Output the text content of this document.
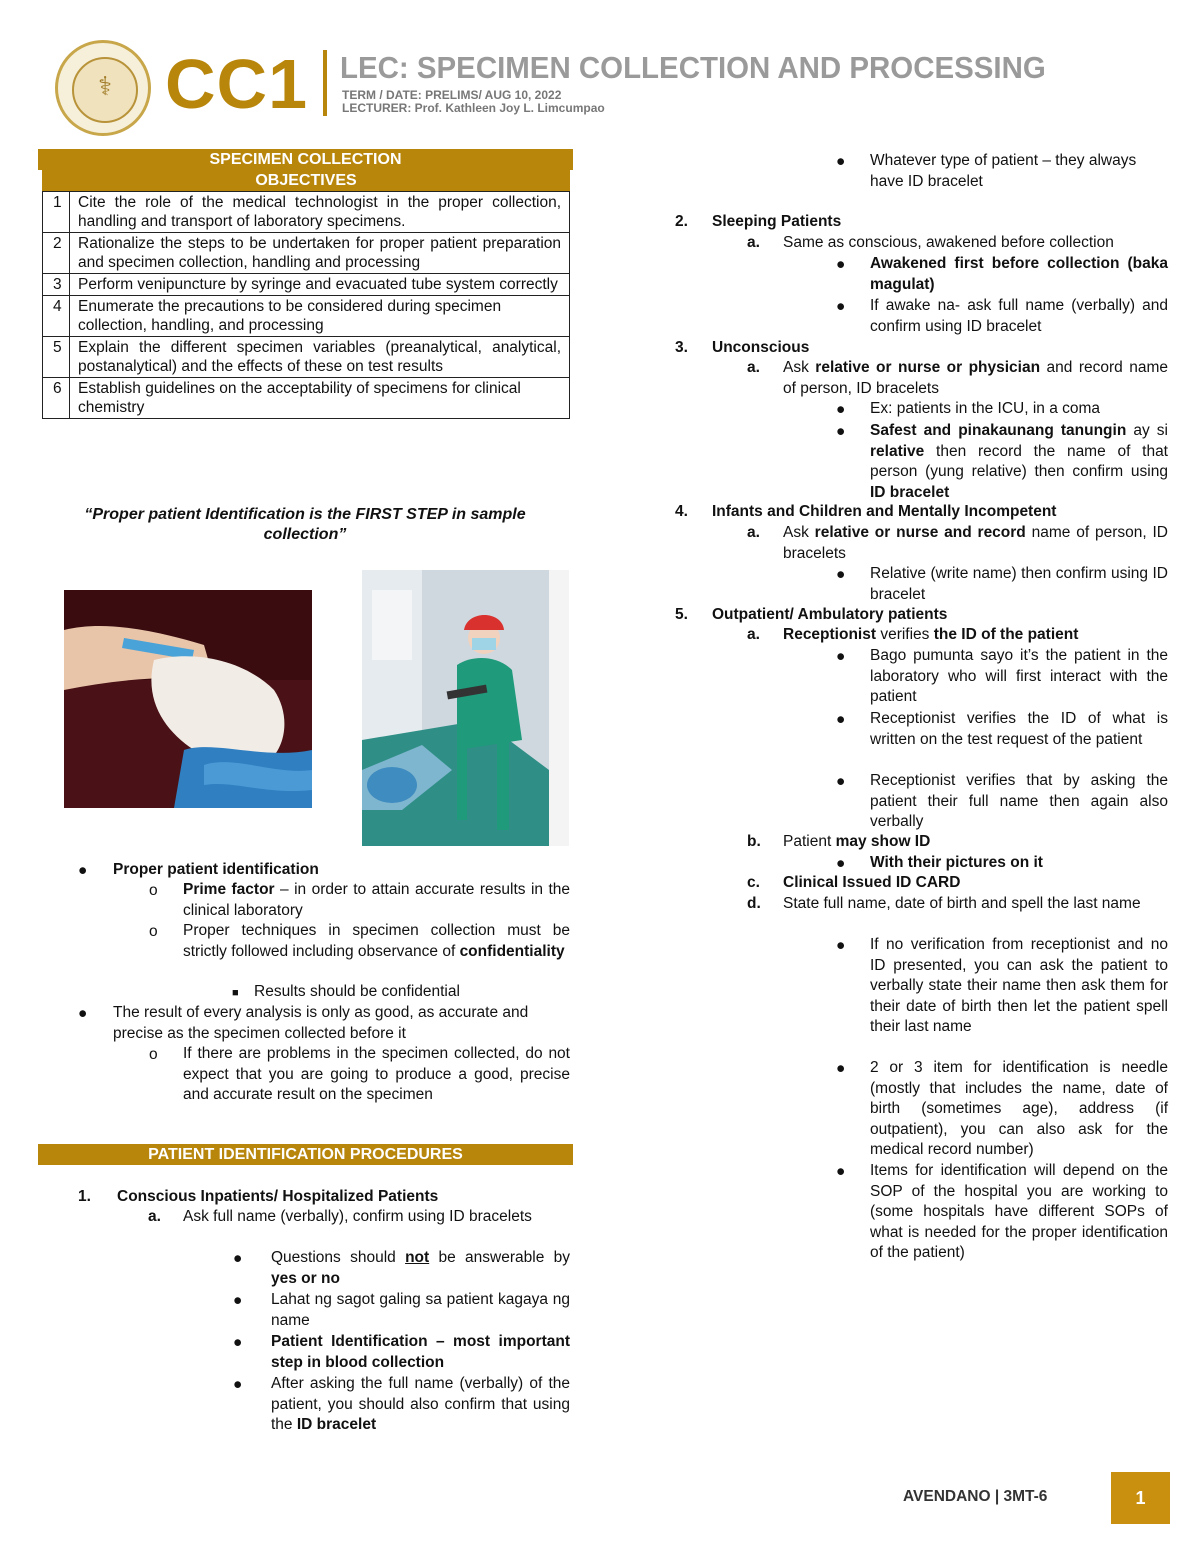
⚕ CC1 LEC: SPECIMEN COLLECTION AND PROCESSING
TERM / DATE: PRELIMS/ AUG 10, 2022
LECTURER: Prof. Kathleen Joy L. Limcumpao
SPECIMEN COLLECTION
OBJECTIVES
1	Cite the role of the medical technologist in the proper collection, handling and transport of laboratory specimens.
2	Rationalize the steps to be undertaken for proper patient preparation and specimen collection, handling and processing
3	Perform venipuncture by syringe and evacuated tube system correctly
4	Enumerate the precautions to be considered during specimen collection, handling, and processing
5	Explain the different specimen variables (preanalytical, analytical, postanalytical) and the effects of these on test results
6	Establish guidelines on the acceptability of specimens for clinical chemistry
“Proper patient Identification is the FIRST STEP in sample collection”
● Proper patient identification
o Prime factor – in order to attain accurate results in the clinical laboratory
o Proper techniques in specimen collection must be strictly followed including observance of confidentiality
■ Results should be confidential
● The result of every analysis is only as good, as accurate and precise as the specimen collected before it
o If there are problems in the specimen collected, do not expect that you are going to produce a good, precise and accurate result on the specimen
PATIENT IDENTIFICATION PROCEDURES
1. Conscious Inpatients/ Hospitalized Patients
a. Ask full name (verbally), confirm using ID bracelets
● Questions should not be answerable by yes or no
● Lahat ng sagot galing sa patient kagaya ng name
● Patient Identification – most important step in blood collection
● After asking the full name (verbally) of the patient, you should also confirm that using the ID bracelet
● Whatever type of patient – they always have ID bracelet
2. Sleeping Patients
a. Same as conscious, awakened before collection
● Awakened first before collection (baka magulat)
● If awake na- ask full name (verbally) and confirm using ID bracelet
3. Unconscious
a. Ask relative or nurse or physician and record name of person, ID bracelets
● Ex: patients in the ICU, in a coma
● Safest and pinakaunang tanungin ay si relative then record the name of that person (yung relative) then confirm using ID bracelet
4. Infants and Children and Mentally Incompetent
a. Ask relative or nurse and record name of person, ID bracelets
● Relative (write name) then confirm using ID bracelet
5. Outpatient/ Ambulatory patients
a. Receptionist verifies the ID of the patient
● Bago pumunta sayo it’s the patient in the laboratory who will first interact with the patient
● Receptionist verifies the ID of what is written on the test request of the patient
● Receptionist verifies that by asking the patient their full name then again also verbally
b. Patient may show ID
● With their pictures on it
c. Clinical Issued ID CARD
d. State full name, date of birth and spell the last name
● If no verification from receptionist and no ID presented, you can ask the patient to verbally state their name then ask them for their date of birth then let the patient spell their last name
● 2 or 3 item for identification is needle (mostly that includes the name, date of birth (sometimes age), address (if outpatient), you can also ask for the medical record number)
● Items for identification will depend on the SOP of the hospital you are working to (some hospitals have different SOPs of what is needed for the proper identification of the patient)
AVENDANO | 3MT-6	1
